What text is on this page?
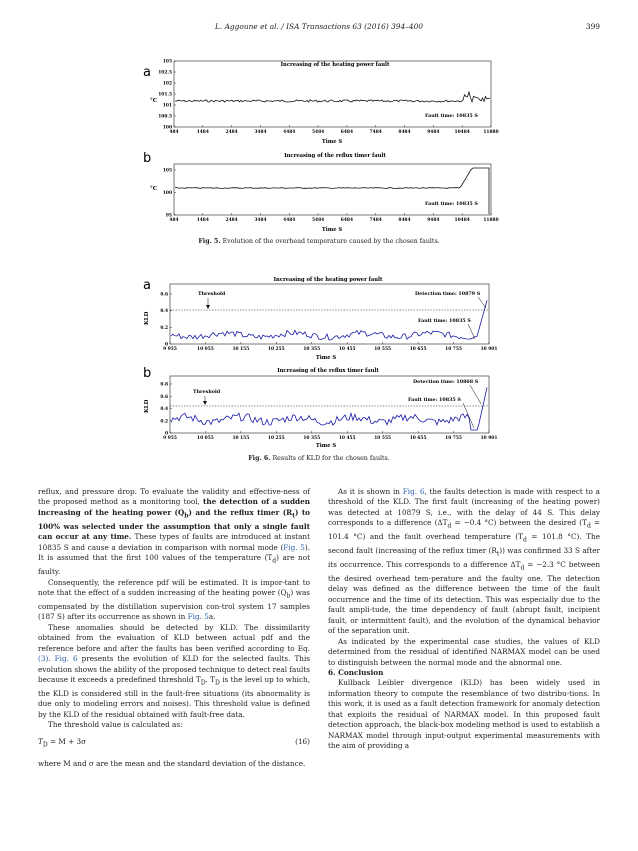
L. Aggoune et al. / ISA Transactions 63 (2016) 394–400	399
a	Increasing of the heating power fault
°C
Time S
103
102.5
102
101.5
101
100.5
100
484	1484	2484	3484	4484	5484	6484	7484	8484	9484	10484	11880
Fault time: 10835 S
b	Increasing of the reflux timer fault
°C
Time S
105
100
95
484	1484	2484	3484	4484	5484	6484	7484	8484	9484	10484	11880
Fault time: 10835 S
a	Increasing of the heating power fault
KLD
Time S
0.6
0.4
0.2
0
9 955	10 055	10 155	10 255	10 355	10 455	10 555	10 655	10 755	10 901
Threshold	Detection time: 10879 S
Fault time: 10835 S
b	Increasing of the reflux timer fault
KLD
Time S
0.8
0.6
0.4
0.2
0
9 955	10 055	10 155	10 255	10 355	10 455	10 555	10 655	10 755	10 901
Threshold
Detection time: 10868 S
Fault time: 10835 S
Fig. 5. Evolution of the overhead temperature caused by the chosen faults.
Fig. 6. Results of KLD for the chosen faults.

reflux, and pressure drop. To evaluate the validity and effective-ness of the proposed method as a monitoring tool, the detection of a sudden increasing of the heating power $(Q_b)$ and the reflux timer $(R_t)$ to 100% was selected under the assumption that only a single fault can occur at any time. These types of faults are introduced at instant 10835 S and cause a deviation in comparison with normal mode (Fig. 5). It is assumed that the first 100 values of the temperature $(T_d)$ are not faulty.

Consequently, the reference pdf will be estimated. It is impor-tant to note that the effect of a sudden increasing of the heating power $(Q_b)$ was compensated by the distillation supervision con-trol system 17 samples (187 S) after its occurrence as shown in Fig. 5a.

These anomalies should be detected by KLD. The dissimilarity obtained from the evaluation of KLD between actual pdf and the reference before and after the faults has been verified according to Eq. (3). Fig. 6 presents the evolution of KLD for the selected faults. This evolution shows the ability of the proposed technique to detect real faults because it exceeds a predefined threshold $T_D$. $T_D$ is the level up to which, the KLD is considered still in the fault-free situations (its abnormality is due only to modeling errors and noises). This threshold value is defined by the KLD of the residual obtained with fault-free data.

The threshold value is calculated as:

$T_D = M + 3\sigma$	(16)

where M and σ are the mean and the standard deviation of the distance.

As it is shown in Fig. 6, the faults detection is made with respect to a threshold of the KLD. The first fault (increasing of the heating power) was detected at 10879 S, i.e., with the delay of 44 S. This delay corresponds to a difference ($\Delta T_d = -0.4$ °C) between the desired ($T_d = 101.4$ °C) and the fault overhead temperature ($T_d = 101.8$ °C). The second fault (increasing of the reflux timer $(R_t)$) was confirmed 33 S after its occurrence. This corresponds to a difference $\Delta T_d = -2.3$ °C between the desired overhead tem-perature and the faulty one. The detection delay was defined as the difference between the time of the fault occurrence and the time of its detection. This was especially due to the fault ampli-tude, the time dependency of fault (abrupt fault, incipient fault, or intermittent fault), and the evolution of the dynamical behavior of the separation unit.

As indicated by the experimental case studies, the values of KLD determined from the residual of identified NARMAX model can be used to distinguish between the normal mode and the abnormal one.

6. Conclusion

Kullback Leibler divergence (KLD) has been widely used in information theory to compute the resemblance of two distribu-tions. In this work, it is used as a fault detection framework for anomaly detection that exploits the residual of NARMAX model. In this proposed fault detection approach, the black-box modeling method is used to establish a NARMAX model through input-output experimental measurements with the aim of providing a
